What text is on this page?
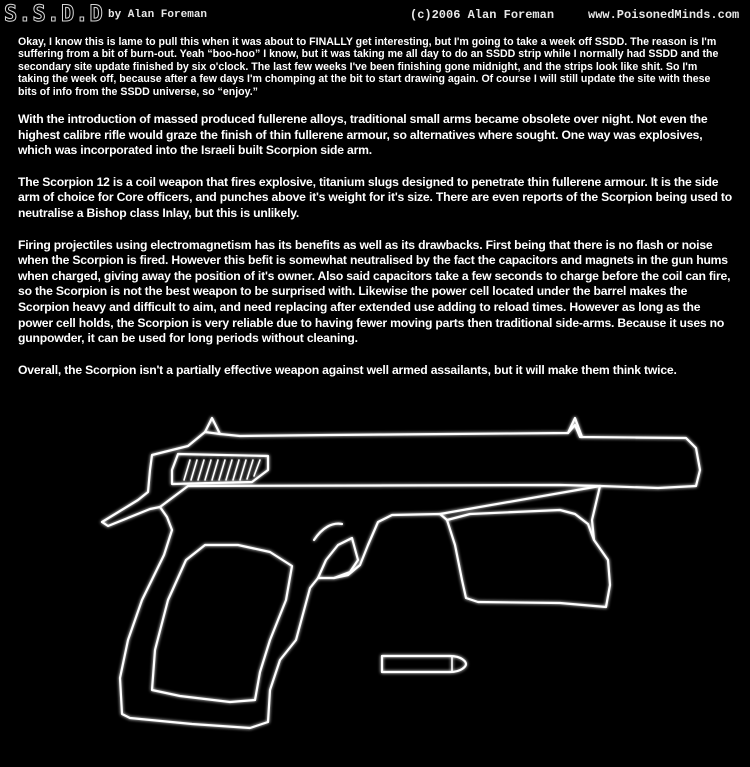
S.S.D.D by Alan Foreman	(c)2006 Alan Foreman	www.PoisonedMinds.com

Okay, I know this is lame to pull this when it was about to FINALLY get interesting, but I'm going to take a week off SSDD. The reason is I'm suffering from a bit of burn-out. Yeah “boo-hoo” I know, but it was taking me all day to do an SSDD strip while I normally had SSDD and the secondary site update finished by six o'clock. The last few weeks I've been finishing gone midnight, and the strips look like shit. So I'm taking the week off, because after a few days I'm chomping at the bit to start drawing again. Of course I will still update the site with these bits of info from the SSDD universe, so “enjoy.”

With the introduction of massed produced fullerene alloys, traditional small arms became obsolete over night. Not even the highest calibre rifle would graze the finish of thin fullerene armour, so alternatives where sought. One way was explosives, which was incorporated into the Israeli built Scorpion side arm.

The Scorpion 12 is a coil weapon that fires explosive, titanium slugs designed to penetrate thin fullerene armour. It is the side arm of choice for Core officers, and punches above it's weight for it's size. There are even reports of the Scorpion being used to neutralise a Bishop class Inlay, but this is unlikely.

Firing projectiles using electromagnetism has its benefits as well as its drawbacks. First being that there is no flash or noise when the Scorpion is fired. However this befit is somewhat neutralised by the fact the capacitors and magnets in the gun hums when charged, giving away the position of it's owner. Also said capacitors take a few seconds to charge before the coil can fire, so the Scorpion is not the best weapon to be surprised with. Likewise the power cell located under the barrel makes the Scorpion heavy and difficult to aim, and need replacing after extended use adding to reload times. However as long as the power cell holds, the Scorpion is very reliable due to having fewer moving parts then traditional side-arms. Because it uses no gunpowder, it can be used for long periods without cleaning.

Overall, the Scorpion isn't a partially effective weapon against well armed assailants, but it will make them think twice.
